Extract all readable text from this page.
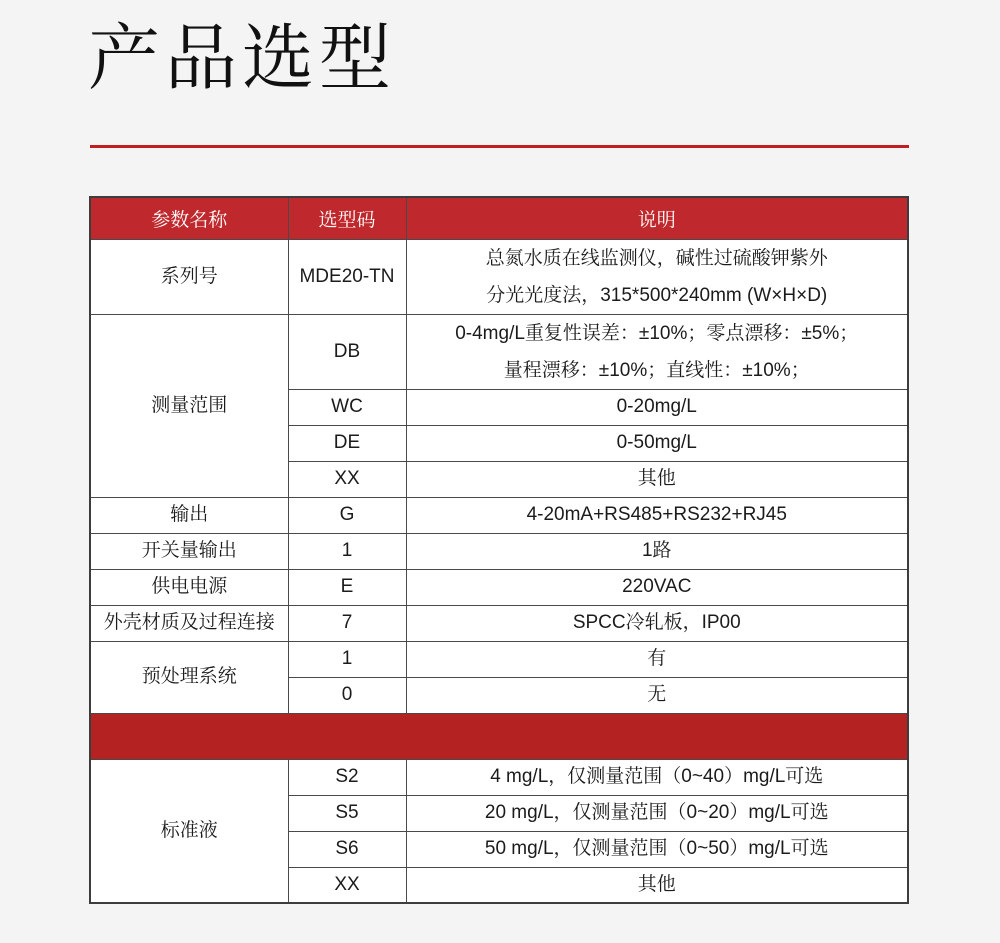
产品选型
参数名称	选型码	说明
系列号	MDE20-TN	总氮水质在线监测仪，碱性过硫酸钾紫外
分光光度法，315*500*240mm (W×H×D)

测量范围	DB	0-4mg/L重复性误差：±10%；零点漂移：±5%；
量程漂移：±10%；直线性：±10%；

	WC	0-20mg/L
	DE	0-50mg/L
	XX	其他
输出	G	4-20mA+RS485+RS232+RJ45
开关量输出	1	1路
供电电源	E	220VAC
外壳材质及过程连接	7	SPCC冷轧板，IP00
预处理系统	1	有
	0	无

标准液	S2	4 mg/L，仅测量范围（0~40）mg/L可选
	S5	20 mg/L，仅测量范围（0~20）mg/L可选
	S6	50 mg/L，仅测量范围（0~50）mg/L可选
	XX	其他
